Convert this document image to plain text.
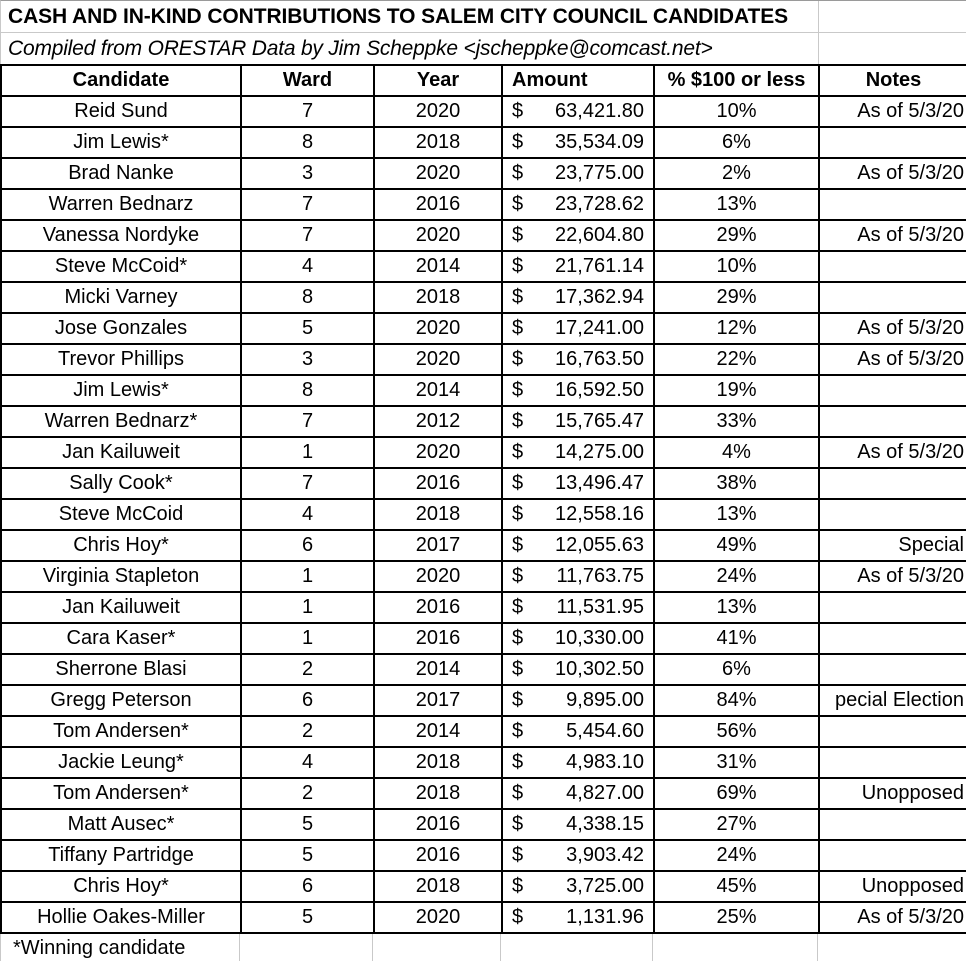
CASH AND IN-KIND CONTRIBUTIONS TO SALEM CITY COUNCIL CANDIDATES
Compiled from ORESTAR Data by Jim Scheppke <jscheppke@comcast.net>
Candidate	Ward	Year	Amount	% $100 or less	Notes
Reid Sund	7	2020	$ 63,421.80	10%	As of 5/3/20
Jim Lewis*	8	2018	$ 35,534.09	6%	
Brad Nanke	3	2020	$ 23,775.00	2%	As of 5/3/20
Warren Bednarz	7	2016	$ 23,728.62	13%	
Vanessa Nordyke	7	2020	$ 22,604.80	29%	As of 5/3/20
Steve McCoid*	4	2014	$ 21,761.14	10%	
Micki Varney	8	2018	$ 17,362.94	29%	
Jose Gonzales	5	2020	$ 17,241.00	12%	As of 5/3/20
Trevor Phillips	3	2020	$ 16,763.50	22%	As of 5/3/20
Jim Lewis*	8	2014	$ 16,592.50	19%	
Warren Bednarz*	7	2012	$ 15,765.47	33%	
Jan Kailuweit	1	2020	$ 14,275.00	4%	As of 5/3/20
Sally Cook*	7	2016	$ 13,496.47	38%	
Steve McCoid	4	2018	$ 12,558.16	13%	
Chris Hoy*	6	2017	$ 12,055.63	49%	Special
Virginia Stapleton	1	2020	$ 11,763.75	24%	As of 5/3/20
Jan Kailuweit	1	2016	$ 11,531.95	13%	
Cara Kaser*	1	2016	$ 10,330.00	41%	
Sherrone Blasi	2	2014	$ 10,302.50	6%	
Gregg Peterson	6	2017	$ 9,895.00	84%	pecial Election
Tom Andersen*	2	2014	$ 5,454.60	56%	
Jackie Leung*	4	2018	$ 4,983.10	31%	
Tom Andersen*	2	2018	$ 4,827.00	69%	Unopposed
Matt Ausec*	5	2016	$ 4,338.15	27%	
Tiffany Partridge	5	2016	$ 3,903.42	24%	
Chris Hoy*	6	2018	$ 3,725.00	45%	Unopposed
Hollie Oakes-Miller	5	2020	$ 1,131.96	25%	As of 5/3/20
*Winning candidate
